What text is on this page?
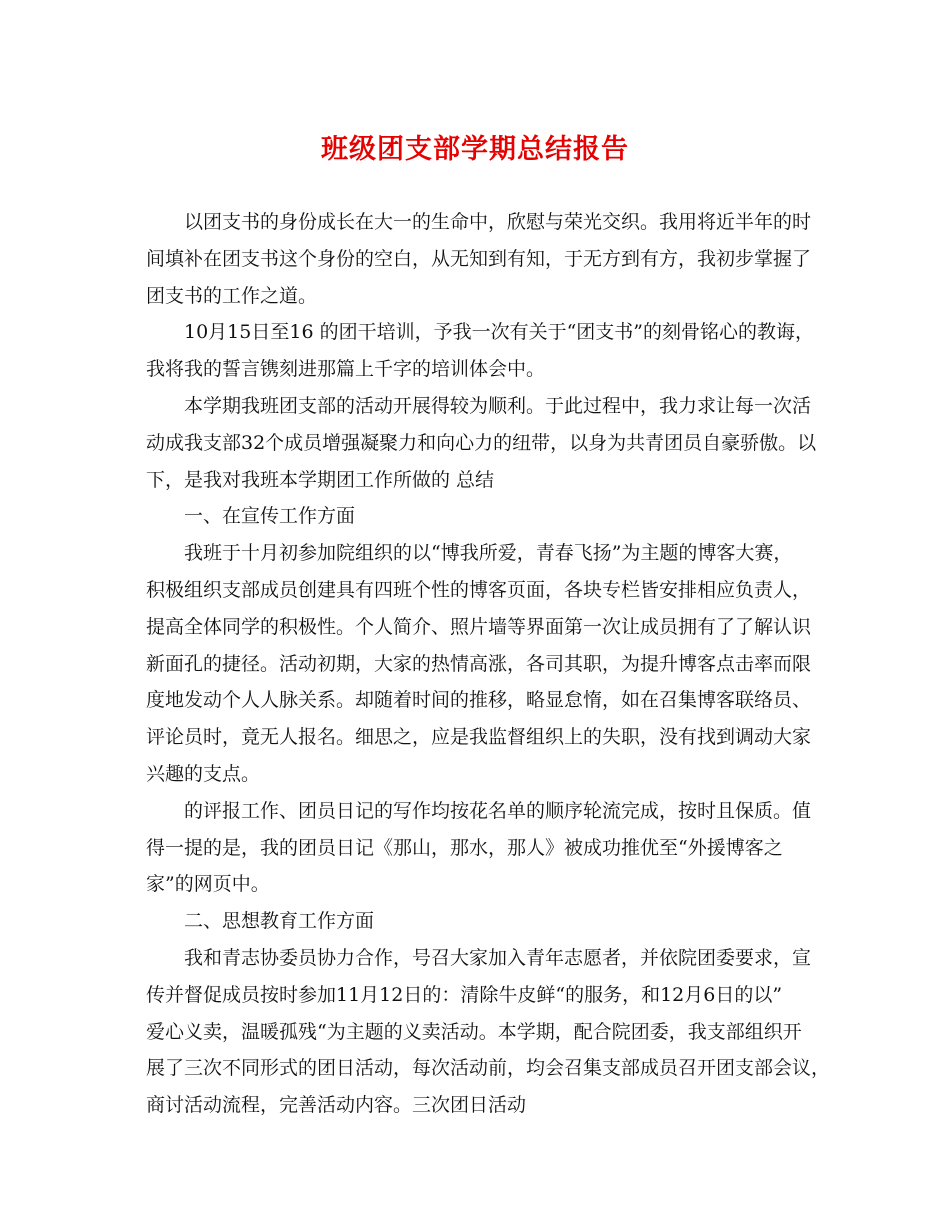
班级团支部学期总结报告
以团支书的身份成长在大一的生命中，欣慰与荣光交织。我用将近半年的时
间填补在团支书这个身份的空白，从无知到有知，于无方到有方，我初步掌握了
团支书的工作之道。
10月15日至16 的团干培训，予我一次有关于“团支书”的刻骨铭心的教诲，
我将我的誓言镌刻进那篇上千字的培训体会中。
本学期我班团支部的活动开展得较为顺利。于此过程中，我力求让每一次活
动成我支部32个成员增强凝聚力和向心力的纽带，以身为共青团员自豪骄傲。以
下，是我对我班本学期团工作所做的 总结
一、在宣传工作方面
我班于十月初参加院组织的以“博我所爱，青春飞扬”为主题的博客大赛，
积极组织支部成员创建具有四班个性的博客页面，各块专栏皆安排相应负责人，
提高全体同学的积极性。个人简介、照片墙等界面第一次让成员拥有了了解认识
新面孔的捷径。活动初期，大家的热情高涨，各司其职，为提升博客点击率而限
度地发动个人人脉关系。却随着时间的推移，略显怠惰，如在召集博客联络员、
评论员时，竟无人报名。细思之，应是我监督组织上的失职，没有找到调动大家
兴趣的支点。
的评报工作、团员日记的写作均按花名单的顺序轮流完成，按时且保质。值
得一提的是，我的团员日记《那山，那水，那人》被成功推优至“外援博客之
家”的网页中。
二、思想教育工作方面
我和青志协委员协力合作，号召大家加入青年志愿者，并依院团委要求，宣
传并督促成员按时参加11月12日的：清除牛皮鲜“的服务，和12月6日的以”
爱心义卖，温暖孤残“为主题的义卖活动。本学期，配合院团委，我支部组织开
展了三次不同形式的团日活动，每次活动前，均会召集支部成员召开团支部会议，
商讨活动流程，完善活动内容。三次团日活动
